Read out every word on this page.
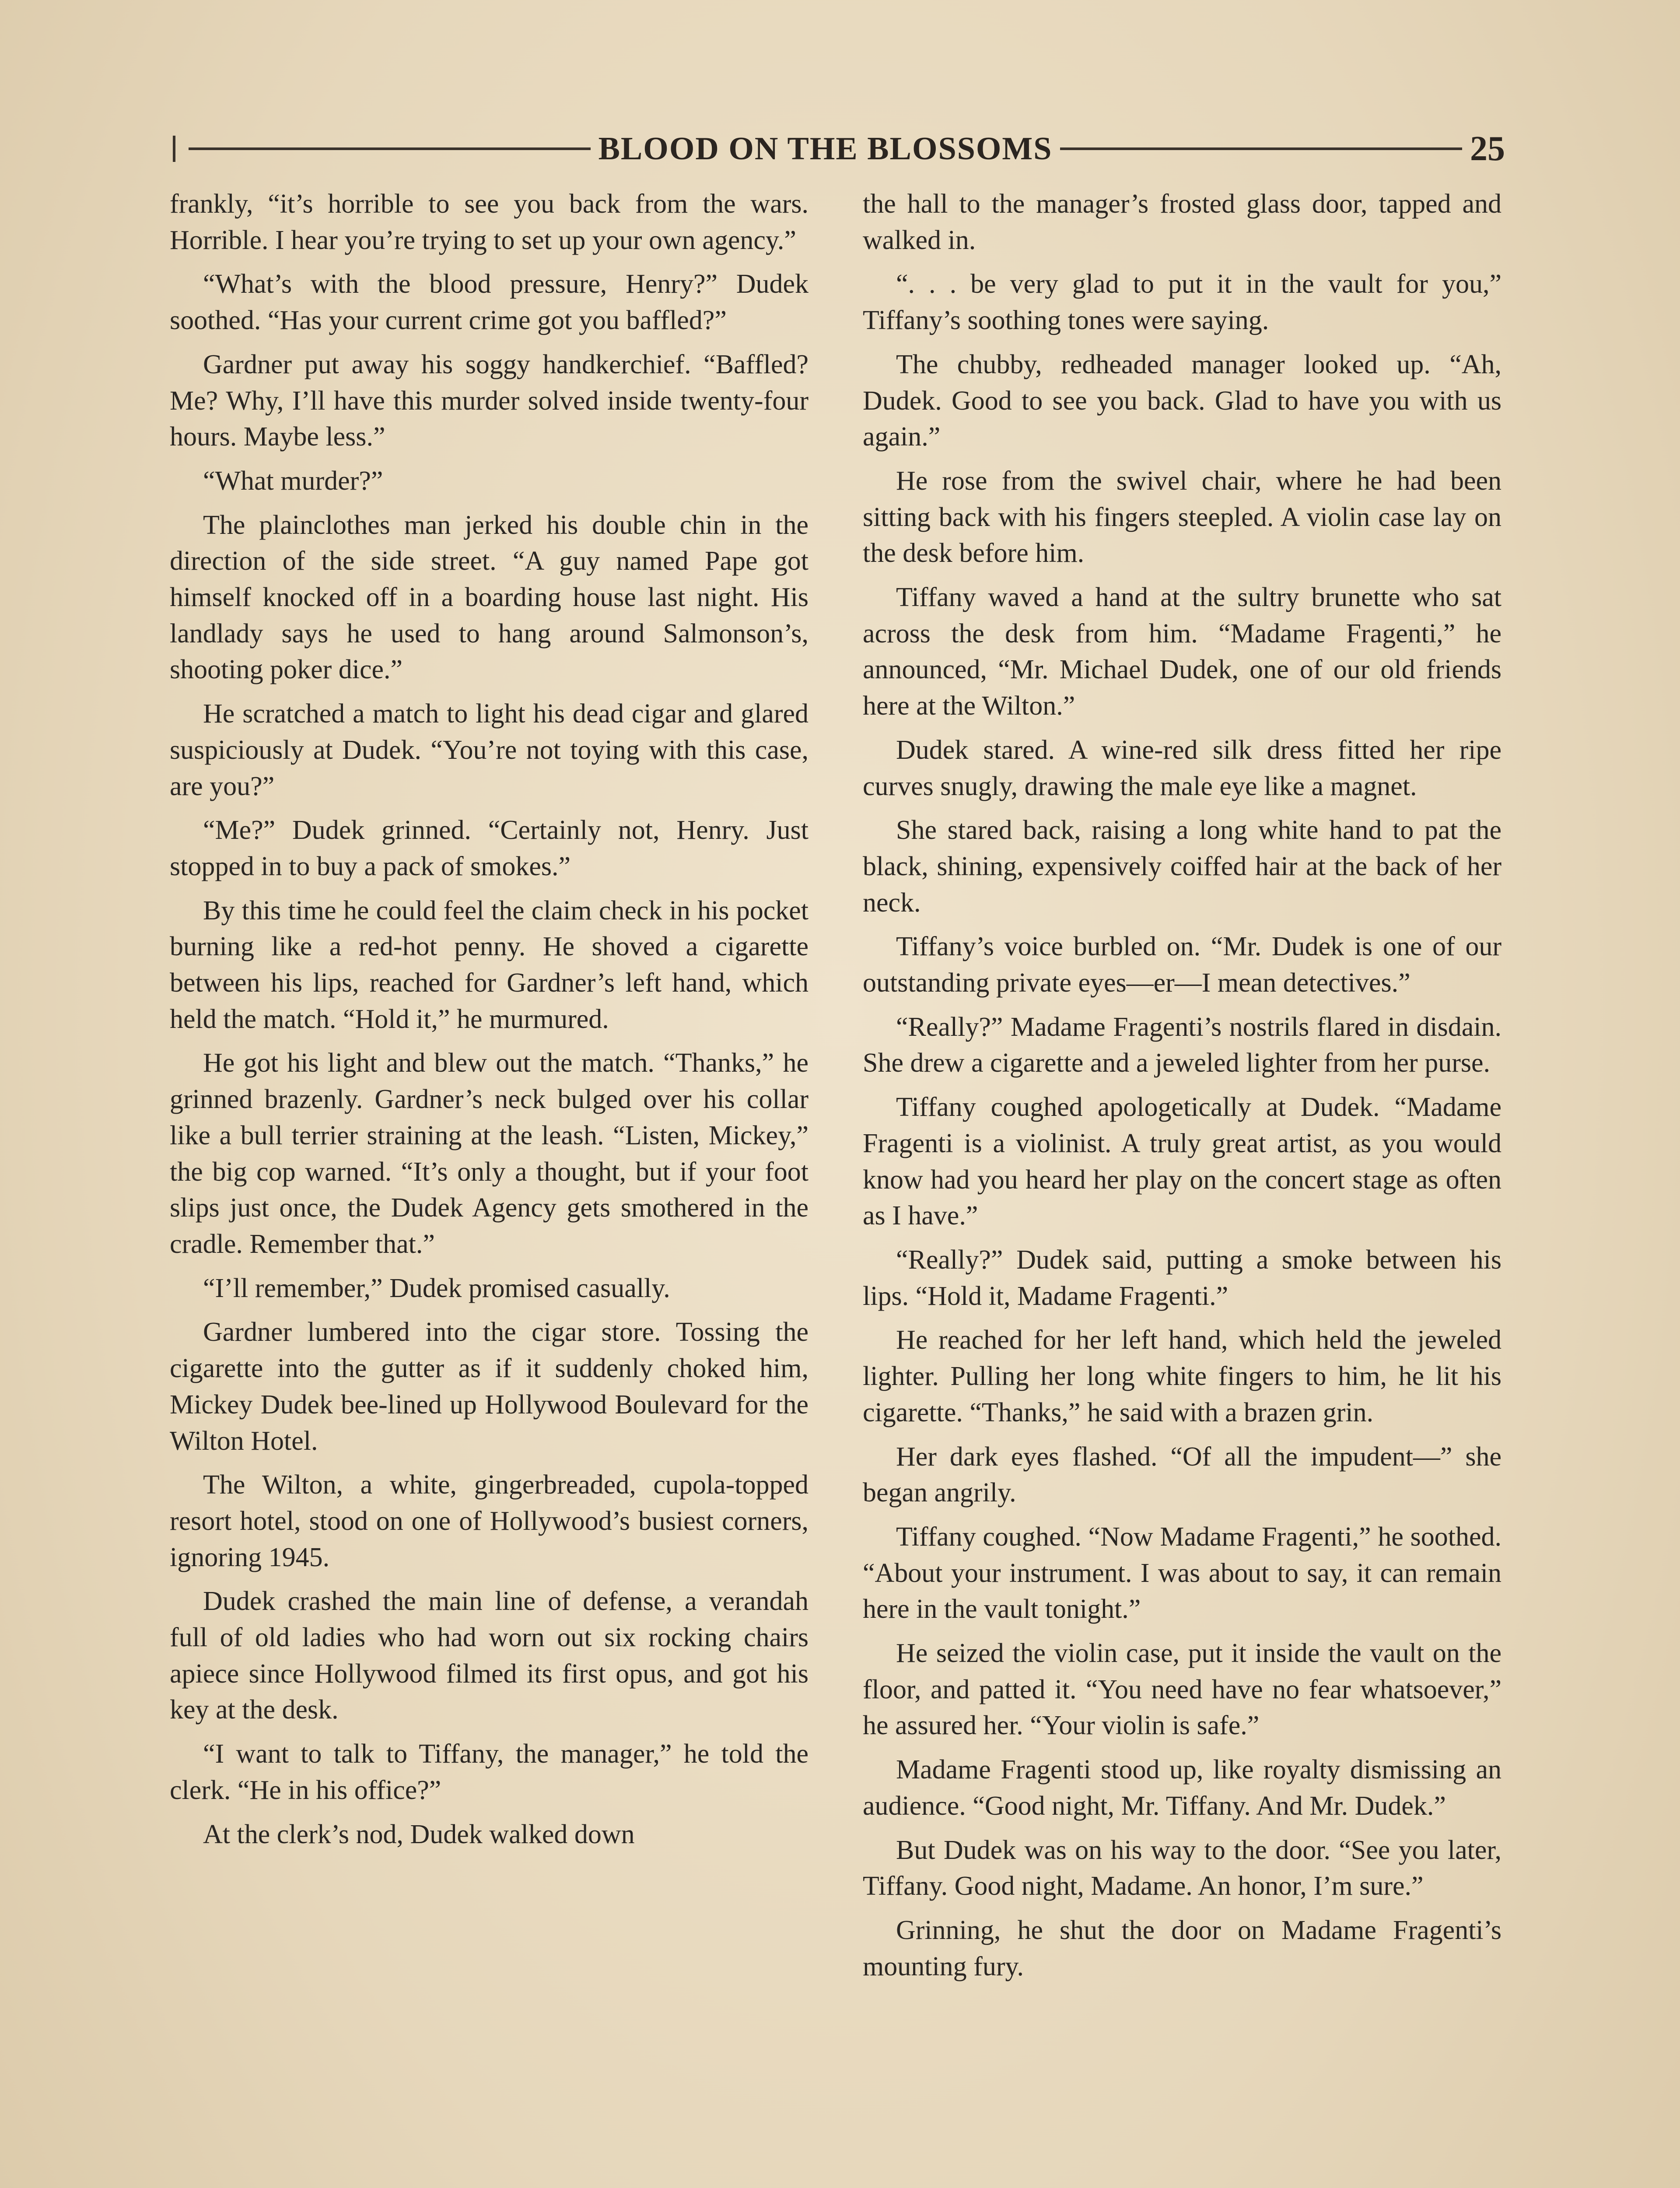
BLOOD ON THE BLOSSOMS	25

frankly, “it’s horrible to see you back from the wars. Horrible. I hear you’re trying to set up your own agency.”

“What’s with the blood pressure, Henry?” Dudek soothed. “Has your current crime got you baffled?”

Gardner put away his soggy handkerchief. “Baffled? Me? Why, I’ll have this murder solved inside twenty-four hours. Maybe less.”

“What murder?”

The plainclothes man jerked his double chin in the direction of the side street. “A guy named Pape got himself knocked off in a boarding house last night. His landlady says he used to hang around Salmonson’s, shooting poker dice.”

He scratched a match to light his dead cigar and glared suspiciously at Dudek. “You’re not toying with this case, are you?”

“Me?” Dudek grinned. “Certainly not, Henry. Just stopped in to buy a pack of smokes.”

By this time he could feel the claim check in his pocket burning like a red-hot penny. He shoved a cigarette between his lips, reached for Gardner’s left hand, which held the match. “Hold it,” he murmured.

He got his light and blew out the match. “Thanks,” he grinned brazenly. Gardner’s neck bulged over his collar like a bull terrier straining at the leash. “Listen, Mickey,” the big cop warned. “It’s only a thought, but if your foot slips just once, the Dudek Agency gets smothered in the cradle. Remember that.”

“I’ll remember,” Dudek promised casually.

Gardner lumbered into the cigar store. Tossing the cigarette into the gutter as if it suddenly choked him, Mickey Dudek bee-lined up Hollywood Boulevard for the Wilton Hotel.

The Wilton, a white, gingerbreaded, cupola-topped resort hotel, stood on one of Hollywood’s busiest corners, ignoring 1945.

Dudek crashed the main line of defense, a verandah full of old ladies who had worn out six rocking chairs apiece since Hollywood filmed its first opus, and got his key at the desk.

“I want to talk to Tiffany, the manager,” he told the clerk. “He in his office?”

At the clerk’s nod, Dudek walked down

the hall to the manager’s frosted glass door, tapped and walked in.

“. . . be very glad to put it in the vault for you,” Tiffany’s soothing tones were saying.

The chubby, redheaded manager looked up. “Ah, Dudek. Good to see you back. Glad to have you with us again.”

He rose from the swivel chair, where he had been sitting back with his fingers steepled. A violin case lay on the desk before him.

Tiffany waved a hand at the sultry brunette who sat across the desk from him. “Madame Fragenti,” he announced, “Mr. Michael Dudek, one of our old friends here at the Wilton.”

Dudek stared. A wine-red silk dress fitted her ripe curves snugly, drawing the male eye like a magnet.

She stared back, raising a long white hand to pat the black, shining, expensively coiffed hair at the back of her neck.

Tiffany’s voice burbled on. “Mr. Dudek is one of our outstanding private eyes—er—I mean detectives.”

“Really?” Madame Fragenti’s nostrils flared in disdain. She drew a cigarette and a jeweled lighter from her purse.

Tiffany coughed apologetically at Dudek. “Madame Fragenti is a violinist. A truly great artist, as you would know had you heard her play on the concert stage as often as I have.”

“Really?” Dudek said, putting a smoke between his lips. “Hold it, Madame Fragenti.”

He reached for her left hand, which held the jeweled lighter. Pulling her long white fingers to him, he lit his cigarette. “Thanks,” he said with a brazen grin.

Her dark eyes flashed. “Of all the impudent—” she began angrily.

Tiffany coughed. “Now Madame Fragenti,” he soothed. “About your instrument. I was about to say, it can remain here in the vault tonight.”

He seized the violin case, put it inside the vault on the floor, and patted it. “You need have no fear whatsoever,” he assured her. “Your violin is safe.”

Madame Fragenti stood up, like royalty dismissing an audience. “Good night, Mr. Tiffany. And Mr. Dudek.”

But Dudek was on his way to the door. “See you later, Tiffany. Good night, Madame. An honor, I’m sure.”

Grinning, he shut the door on Madame Fragenti’s mounting fury.
